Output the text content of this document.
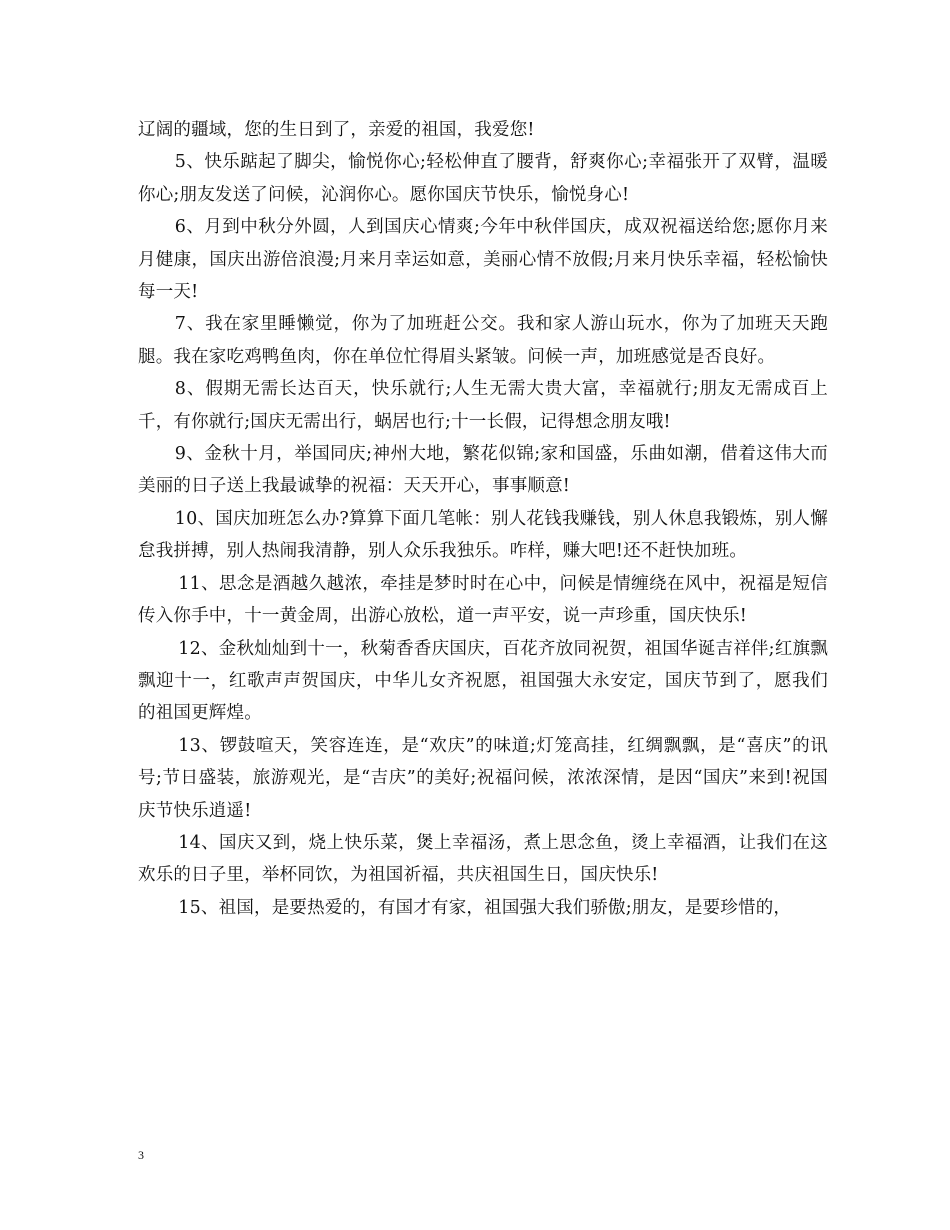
辽阔的疆域，您的生日到了，亲爱的祖国，我爱您!

5、快乐踮起了脚尖，愉悦你心;轻松伸直了腰背，舒爽你心;幸福张开了双臂，温暖你心;朋友发送了问候，沁润你心。愿你国庆节快乐，愉悦身心!

6、月到中秋分外圆，人到国庆心情爽;今年中秋伴国庆，成双祝福送给您;愿你月来月健康，国庆出游倍浪漫;月来月幸运如意，美丽心情不放假;月来月快乐幸福，轻松愉快每一天!

7、我在家里睡懒觉，你为了加班赶公交。我和家人游山玩水，你为了加班天天跑腿。我在家吃鸡鸭鱼肉，你在单位忙得眉头紧皱。问候一声，加班感觉是否良好。

8、假期无需长达百天，快乐就行;人生无需大贵大富，幸福就行;朋友无需成百上千，有你就行;国庆无需出行，蜗居也行;十一长假，记得想念朋友哦!

9、金秋十月，举国同庆;神州大地，繁花似锦;家和国盛，乐曲如潮，借着这伟大而美丽的日子送上我最诚挚的祝福：天天开心，事事顺意!

10、国庆加班怎么办?算算下面几笔帐：别人花钱我赚钱，别人休息我锻炼，别人懈怠我拼搏，别人热闹我清静，别人众乐我独乐。咋样，赚大吧!还不赶快加班。

11、思念是酒越久越浓，牵挂是梦时时在心中，问候是情缠绕在风中，祝福是短信传入你手中，十一黄金周，出游心放松，道一声平安，说一声珍重，国庆快乐!

12、金秋灿灿到十一，秋菊香香庆国庆，百花齐放同祝贺，祖国华诞吉祥伴;红旗飘飘迎十一，红歌声声贺国庆，中华儿女齐祝愿，祖国强大永安定，国庆节到了，愿我们的祖国更辉煌。

13、锣鼓喧天，笑容连连，是“欢庆”的味道;灯笼高挂，红绸飘飘，是“喜庆”的讯号;节日盛装，旅游观光，是“吉庆”的美好;祝福问候，浓浓深情，是因“国庆”来到!祝国庆节快乐逍遥!

14、国庆又到，烧上快乐菜，煲上幸福汤，煮上思念鱼，烫上幸福酒，让我们在这欢乐的日子里，举杯同饮，为祖国祈福，共庆祖国生日，国庆快乐!

15、祖国，是要热爱的，有国才有家，祖国强大我们骄傲;朋友，是要珍惜的，

3
